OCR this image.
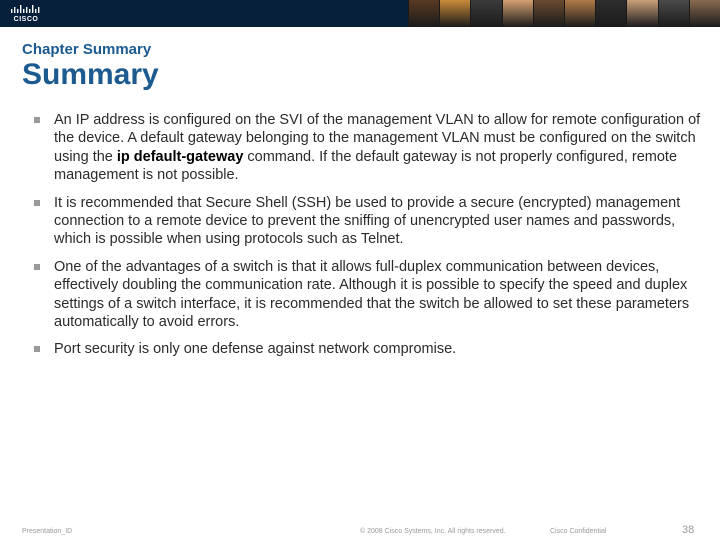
CISCO
Chapter Summary
Summary
An IP address is configured on the SVI of the management VLAN to allow for remote configuration of the device. A default gateway belonging to the management VLAN must be configured on the switch using the ip default-gateway command. If the default gateway is not properly configured, remote management is not possible.
It is recommended that Secure Shell (SSH) be used to provide a secure (encrypted) management connection to a remote device to prevent the sniffing of unencrypted user names and passwords, which is possible when using protocols such as Telnet.
One of the advantages of a switch is that it allows full-duplex communication between devices, effectively doubling the communication rate. Although it is possible to specify the speed and duplex settings of a switch interface, it is recommended that the switch be allowed to set these parameters automatically to avoid errors.
Port security is only one defense against network compromise.
Presentation_ID	© 2008 Cisco Systems, Inc. All rights reserved.	Cisco Confidential	38
